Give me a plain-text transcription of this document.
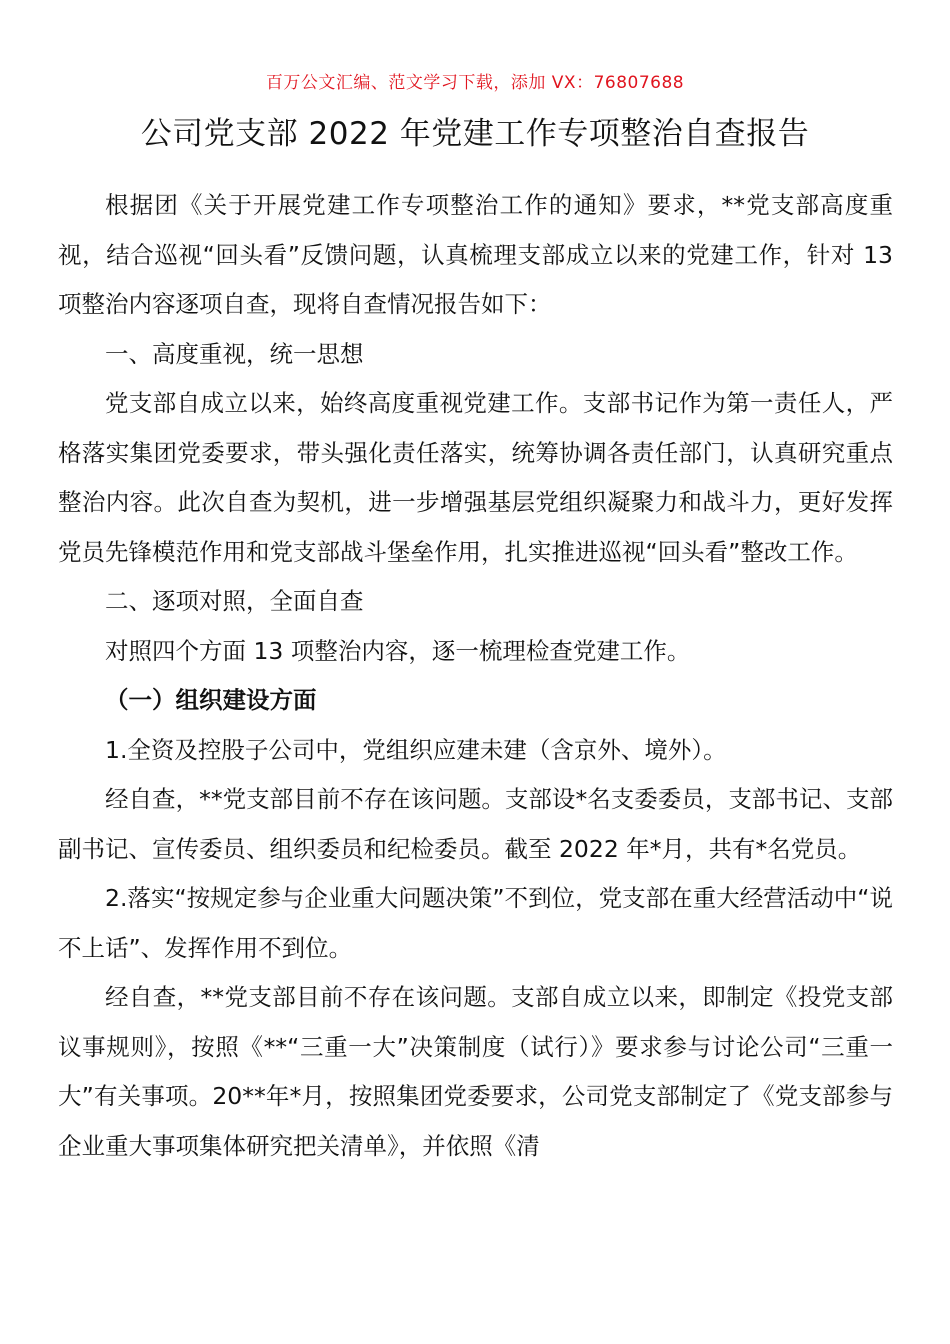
百万公文汇编、范文学习下载，添加 VX：76807688
公司党支部 2022 年党建工作专项整治自查报告

根据团《关于开展党建工作专项整治工作的通知》要求，**党支部高度重视，结合巡视“回头看”反馈问题，认真梳理支部成立以来的党建工作，针对 13 项整治内容逐项自查，现将自查情况报告如下：

一、高度重视，统一思想

党支部自成立以来，始终高度重视党建工作。支部书记作为第一责任人，严格落实集团党委要求，带头强化责任落实，统筹协调各责任部门，认真研究重点整治内容。此次自查为契机，进一步增强基层党组织凝聚力和战斗力，更好发挥党员先锋模范作用和党支部战斗堡垒作用，扎实推进巡视“回头看”整改工作。

二、逐项对照，全面自查

对照四个方面 13 项整治内容，逐一梳理检查党建工作。

（一）组织建设方面

1.全资及控股子公司中，党组织应建未建（含京外、境外）。

经自查，**党支部目前不存在该问题。支部设*名支委委员，支部书记、支部副书记、宣传委员、组织委员和纪检委员。截至 2022 年*月，共有*名党员。

2.落实“按规定参与企业重大问题决策”不到位，党支部在重大经营活动中“说不上话”、发挥作用不到位。

经自查，**党支部目前不存在该问题。支部自成立以来，即制定《投党支部议事规则》，按照《**“三重一大”决策制度（试行）》要求参与讨论公司“三重一大”有关事项。20**年*月，按照集团党委要求，公司党支部制定了《党支部参与企业重大事项集体研究把关清单》，并依照《清
